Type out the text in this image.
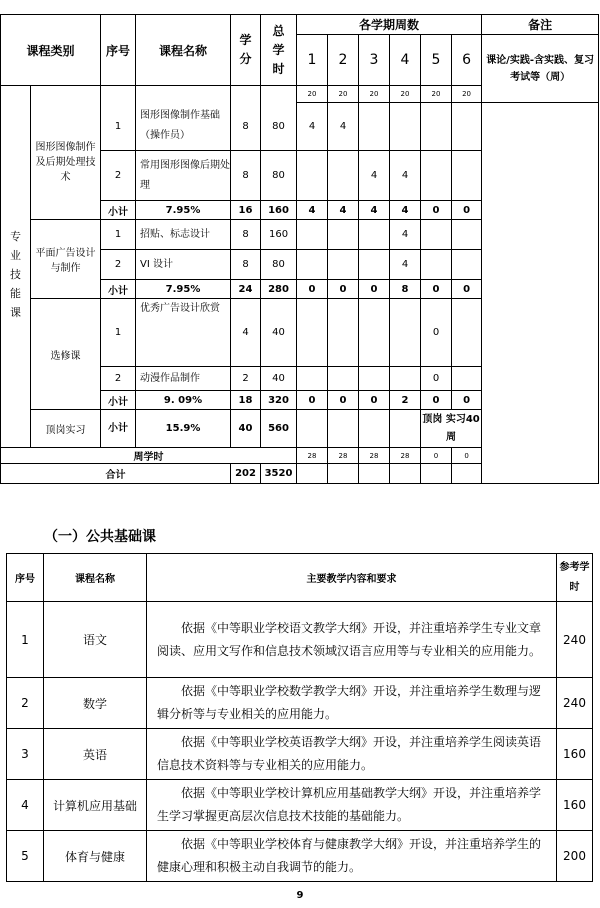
课程类别		序号	课程名称	学分	总学时	各学期周数						备注
						1	2	3	4	5	6	课论/实践-含实践、复习考试等（周）
						20	20	20	20	20	20	
专业技能课	图形图像制作及后期处理技术	1	图形图像制作基础（操作员）	8	80	4	4					
		2	常用图形图像后期处理	8	80			4	4			
		小计	7.95%	16	160	4	4	4	4	0	0	
	平面广告设计与制作	1	招贴、标志设计	8	160				4			
		2	VI 设计	8	80				4			
		小计	7.95%	24	280	0	0	0	8	0	0	
	选修课	1	优秀广告设计欣赏	4	40					0		
		2	动漫作品制作	2	40					0		
		小计	9. 09%	18	320	0	0	0	2	0	0	
	顶岗实习	小计	15.9%	40	560					顶岗 实习40周		
周学时						28	28	28	28	0	0	
合计				202	3520							
（一）公共基础课
序号	课程名称	主要教学内容和要求	参考学时
1	语文	依据《中等职业学校语文教学大纲》开设，并注重培养学生专业文章阅读、应用文写作和信息技术领域汉语言应用等与专业相关的应用能力。	240
2	数学	依据《中等职业学校数学教学大纲》开设，并注重培养学生数理与逻辑分析等与专业相关的应用能力。	240
3	英语	依据《中等职业学校英语教学大纲》开设，并注重培养学生阅读英语信息技术资料等与专业相关的应用能力。	160
4	计算机应用基础	依据《中等职业学校计算机应用基础教学大纲》开设，并注重培养学生学习掌握更高层次信息技术技能的基础能力。	160
5	体育与健康	依据《中等职业学校体育与健康教学大纲》开设，并注重培养学生的健康心理和积极主动自我调节的能力。	200
9
